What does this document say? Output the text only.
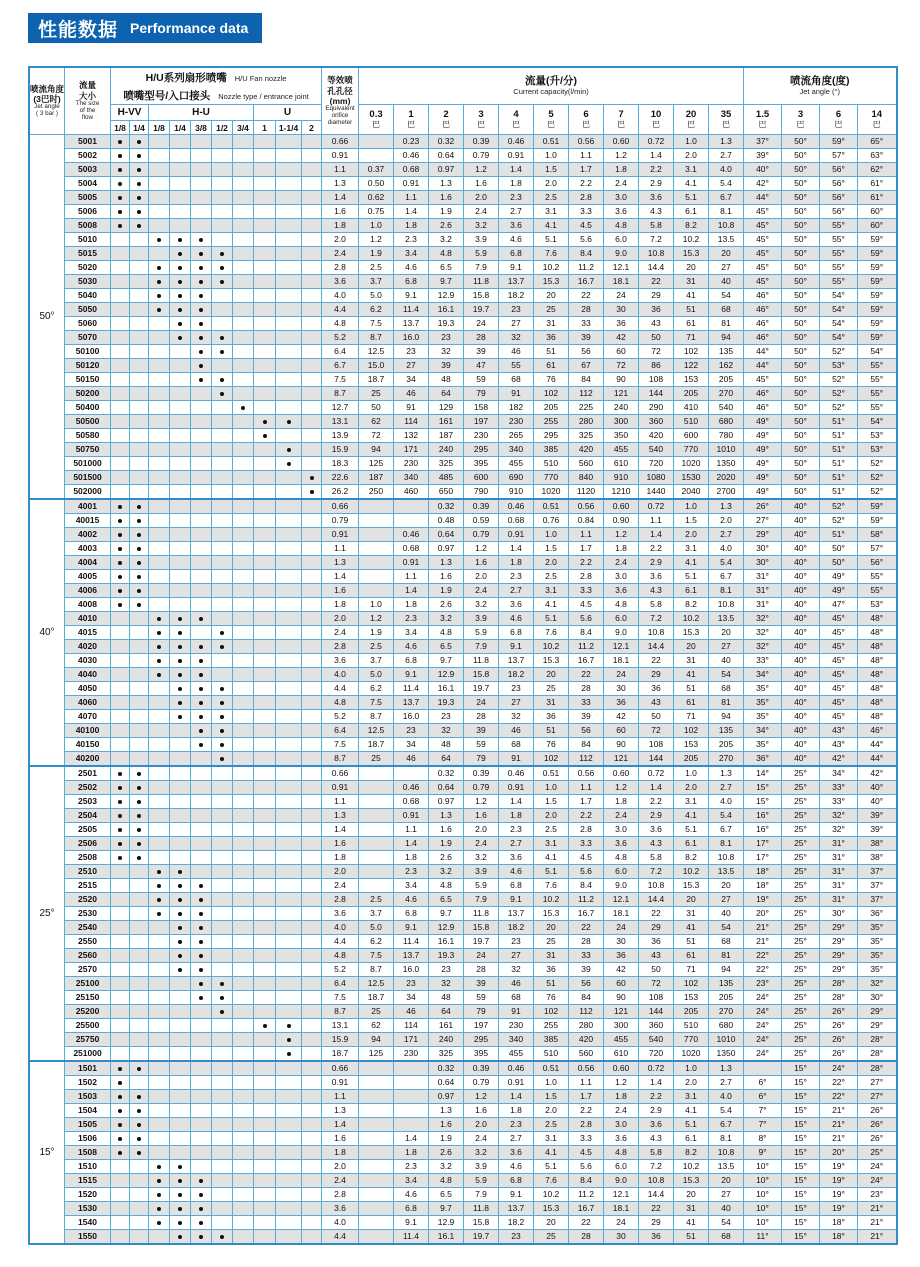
性能数据 Performance data
喷流角度
(3巴时)
Jet angle
( 3 bar )

流量
大小
The size
of the
flow

H/U系列扇形喷嘴 H/U Fan nozzle
喷嘴型号/入口接头 Nozzle type / entrance joint

等效喷
孔孔径
(mm)
Equivalent
orifice
diameter

流量(升/分)
Current capacity(l/min)

喷流角度(度)
Jet angle (°)

H-VV	H-U	U	0.3
巴

1
巴

2
巴

3
巴

4
巴

5
巴

6
巴

7
巴

10
巴

20
巴

35
巴

1.5
巴

3
巴

6
巴

14
巴

		1/8	1/4	1/8	1/4	3/8	1/2	3/4	1	1-1/4	2																
50°	5001											0.66		0.23	0.32	0.39	0.46	0.51	0.56	0.60	0.72	1.0	1.3	37°	50°	59°	65°
	5002											0.91		0.46	0.64	0.79	0.91	1.0	1.1	1.2	1.4	2.0	2.7	39°	50°	57°	63°
	5003											1.1	0.37	0.68	0.97	1.2	1.4	1.5	1.7	1.8	2.2	3.1	4.0	40°	50°	56°	62°
	5004											1.3	0.50	0.91	1.3	1.6	1.8	2.0	2.2	2.4	2.9	4.1	5.4	42°	50°	56°	61°
	5005											1.4	0.62	1.1	1.6	2.0	2.3	2.5	2.8	3.0	3.6	5.1	6.7	44°	50°	56°	61°
	5006											1.6	0.75	1.4	1.9	2.4	2.7	3.1	3.3	3.6	4.3	6.1	8.1	45°	50°	56°	60°
	5008											1.8	1.0	1.8	2.6	3.2	3.6	4.1	4.5	4.8	5.8	8.2	10.8	45°	50°	55°	60°
	5010											2.0	1.2	2.3	3.2	3.9	4.6	5.1	5.6	6.0	7.2	10.2	13.5	45°	50°	55°	59°
	5015											2.4	1.9	3.4	4.8	5.9	6.8	7.6	8.4	9.0	10.8	15.3	20	45°	50°	55°	59°
	5020											2.8	2.5	4.6	6.5	7.9	9.1	10.2	11.2	12.1	14.4	20	27	45°	50°	55°	59°
	5030											3.6	3.7	6.8	9.7	11.8	13.7	15.3	16.7	18.1	22	31	40	45°	50°	55°	59°
	5040											4.0	5.0	9.1	12.9	15.8	18.2	20	22	24	29	41	54	46°	50°	54°	59°
	5050											4.4	6.2	11.4	16.1	19.7	23	25	28	30	36	51	68	46°	50°	54°	59°
	5060											4.8	7.5	13.7	19.3	24	27	31	33	36	43	61	81	46°	50°	54°	59°
	5070											5.2	8.7	16.0	23	28	32	36	39	42	50	71	94	46°	50°	54°	59°
	50100											6.4	12.5	23	32	39	46	51	56	60	72	102	135	44°	50°	52°	54°
	50120											6.7	15.0	27	39	47	55	61	67	72	86	122	162	44°	50°	53°	55°
	50150											7.5	18.7	34	48	59	68	76	84	90	108	153	205	45°	50°	52°	55°
	50200											8.7	25	46	64	79	91	102	112	121	144	205	270	46°	50°	52°	55°
	50400											12.7	50	91	129	158	182	205	225	240	290	410	540	46°	50°	52°	55°
	50500											13.1	62	114	161	197	230	255	280	300	360	510	680	49°	50°	51°	54°
	50580											13.9	72	132	187	230	265	295	325	350	420	600	780	49°	50°	51°	53°
	50750											15.9	94	171	240	295	340	385	420	455	540	770	1010	49°	50°	51°	53°
	501000											18.3	125	230	325	395	455	510	560	610	720	1020	1350	49°	50°	51°	52°
	501500											22.6	187	340	485	600	690	770	840	910	1080	1530	2020	49°	50°	51°	52°
	502000											26.2	250	460	650	790	910	1020	1120	1210	1440	2040	2700	49°	50°	51°	52°
40°	4001											0.66			0.32	0.39	0.46	0.51	0.56	0.60	0.72	1.0	1.3	26°	40°	52°	59°
	40015											0.79			0.48	0.59	0.68	0.76	0.84	0.90	1.1	1.5	2.0	27°	40°	52°	59°
	4002											0.91		0.46	0.64	0.79	0.91	1.0	1.1	1.2	1.4	2.0	2.7	29°	40°	51°	58°
	4003											1.1		0.68	0.97	1.2	1.4	1.5	1.7	1.8	2.2	3.1	4.0	30°	40°	50°	57°
	4004											1.3		0.91	1.3	1.6	1.8	2.0	2.2	2.4	2.9	4.1	5.4	30°	40°	50°	56°
	4005											1.4		1.1	1.6	2.0	2.3	2.5	2.8	3.0	3.6	5.1	6.7	31°	40°	49°	55°
	4006											1.6		1.4	1.9	2.4	2.7	3.1	3.3	3.6	4.3	6.1	8.1	31°	40°	49°	55°
	4008											1.8	1.0	1.8	2.6	3.2	3.6	4.1	4.5	4.8	5.8	8.2	10.8	31°	40°	47°	53°
	4010											2.0	1.2	2.3	3.2	3.9	4.6	5.1	5.6	6.0	7.2	10.2	13.5	32°	40°	45°	48°
	4015											2.4	1.9	3.4	4.8	5.9	6.8	7.6	8.4	9.0	10.8	15.3	20	32°	40°	45°	48°
	4020											2.8	2.5	4.6	6.5	7.9	9.1	10.2	11.2	12.1	14.4	20	27	32°	40°	45°	48°
	4030											3.6	3.7	6.8	9.7	11.8	13.7	15.3	16.7	18.1	22	31	40	33°	40°	45°	48°
	4040											4.0	5.0	9.1	12.9	15.8	18.2	20	22	24	29	41	54	34°	40°	45°	48°
	4050											4.4	6.2	11.4	16.1	19.7	23	25	28	30	36	51	68	35°	40°	45°	48°
	4060											4.8	7.5	13.7	19.3	24	27	31	33	36	43	61	81	35°	40°	45°	48°
	4070											5.2	8.7	16.0	23	28	32	36	39	42	50	71	94	35°	40°	45°	48°
	40100											6.4	12.5	23	32	39	46	51	56	60	72	102	135	34°	40°	43°	46°
	40150											7.5	18.7	34	48	59	68	76	84	90	108	153	205	35°	40°	43°	44°
	40200											8.7	25	46	64	79	91	102	112	121	144	205	270	36°	40°	42°	44°
25°	2501											0.66			0.32	0.39	0.46	0.51	0.56	0.60	0.72	1.0	1.3	14°	25°	34°	42°
	2502											0.91		0.46	0.64	0.79	0.91	1.0	1.1	1.2	1.4	2.0	2.7	15°	25°	33°	40°
	2503											1.1		0.68	0.97	1.2	1.4	1.5	1.7	1.8	2.2	3.1	4.0	15°	25°	33°	40°
	2504											1.3		0.91	1.3	1.6	1.8	2.0	2.2	2.4	2.9	4.1	5.4	16°	25°	32°	39°
	2505											1.4		1.1	1.6	2.0	2.3	2.5	2.8	3.0	3.6	5.1	6.7	16°	25°	32°	39°
	2506											1.6		1.4	1.9	2.4	2.7	3.1	3.3	3.6	4.3	6.1	8.1	17°	25°	31°	38°
	2508											1.8		1.8	2.6	3.2	3.6	4.1	4.5	4.8	5.8	8.2	10.8	17°	25°	31°	38°
	2510											2.0		2.3	3.2	3.9	4.6	5.1	5.6	6.0	7.2	10.2	13.5	18°	25°	31°	37°
	2515											2.4		3.4	4.8	5.9	6.8	7.6	8.4	9.0	10.8	15.3	20	18°	25°	31°	37°
	2520											2.8	2.5	4.6	6.5	7.9	9.1	10.2	11.2	12.1	14.4	20	27	19°	25°	31°	37°
	2530											3.6	3.7	6.8	9.7	11.8	13.7	15.3	16.7	18.1	22	31	40	20°	25°	30°	36°
	2540											4.0	5.0	9.1	12.9	15.8	18.2	20	22	24	29	41	54	21°	25°	29°	35°
	2550											4.4	6.2	11.4	16.1	19.7	23	25	28	30	36	51	68	21°	25°	29°	35°
	2560											4.8	7.5	13.7	19.3	24	27	31	33	36	43	61	81	22°	25°	29°	35°
	2570											5.2	8.7	16.0	23	28	32	36	39	42	50	71	94	22°	25°	29°	35°
	25100											6.4	12.5	23	32	39	46	51	56	60	72	102	135	23°	25°	28°	32°
	25150											7.5	18.7	34	48	59	68	76	84	90	108	153	205	24°	25°	28°	30°
	25200											8.7	25	46	64	79	91	102	112	121	144	205	270	24°	25°	26°	29°
	25500											13.1	62	114	161	197	230	255	280	300	360	510	680	24°	25°	26°	29°
	25750											15.9	94	171	240	295	340	385	420	455	540	770	1010	24°	25°	26°	28°
	251000											18.7	125	230	325	395	455	510	560	610	720	1020	1350	24°	25°	26°	28°
15°	1501											0.66			0.32	0.39	0.46	0.51	0.56	0.60	0.72	1.0	1.3		15°	24°	28°
	1502											0.91			0.64	0.79	0.91	1.0	1.1	1.2	1.4	2.0	2.7	6°	15°	22°	27°
	1503											1.1			0.97	1.2	1.4	1.5	1.7	1.8	2.2	3.1	4.0	6°	15°	22°	27°
	1504											1.3			1.3	1.6	1.8	2.0	2.2	2.4	2.9	4.1	5.4	7°	15°	21°	26°
	1505											1.4			1.6	2.0	2.3	2.5	2.8	3.0	3.6	5.1	6.7	7°	15°	21°	26°
	1506											1.6		1.4	1.9	2.4	2.7	3.1	3.3	3.6	4.3	6.1	8.1	8°	15°	21°	26°
	1508											1.8		1.8	2.6	3.2	3.6	4.1	4.5	4.8	5.8	8.2	10.8	9°	15°	20°	25°
	1510											2.0		2.3	3.2	3.9	4.6	5.1	5.6	6.0	7.2	10.2	13.5	10°	15°	19°	24°
	1515											2.4		3.4	4.8	5.9	6.8	7.6	8.4	9.0	10.8	15.3	20	10°	15°	19°	24°
	1520											2.8		4.6	6.5	7.9	9.1	10.2	11.2	12.1	14.4	20	27	10°	15°	19°	23°
	1530											3.6		6.8	9.7	11.8	13.7	15.3	16.7	18.1	22	31	40	10°	15°	19°	21°
	1540											4.0		9.1	12.9	15.8	18.2	20	22	24	29	41	54	10°	15°	18°	21°
	1550											4.4		11.4	16.1	19.7	23	25	28	30	36	51	68	11°	15°	18°	21°
